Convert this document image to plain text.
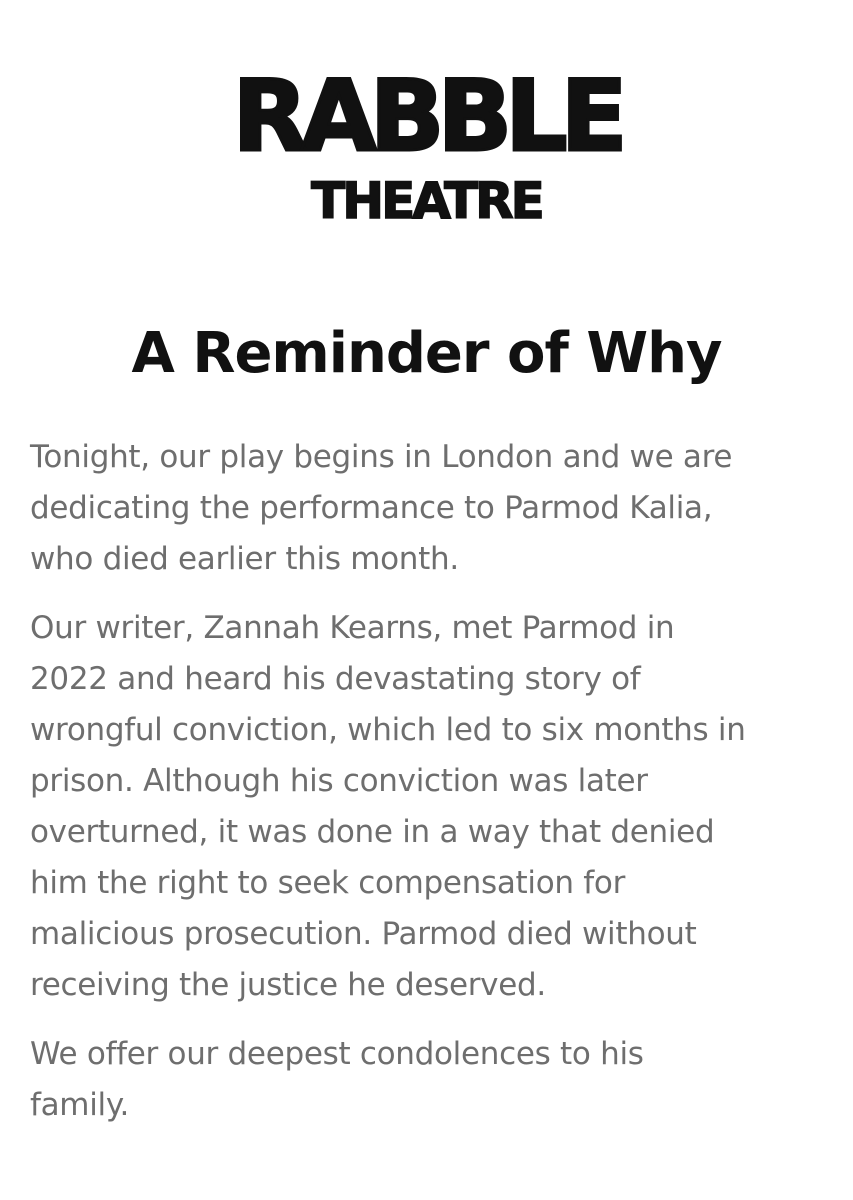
RABBLE
THEATRE
A Reminder of Why

Tonight, our play begins in London and we are
dedicating the performance to Parmod Kalia,
who died earlier this month.

Our writer, Zannah Kearns, met Parmod in
2022 and heard his devastating story of
wrongful conviction, which led to six months in
prison. Although his conviction was later
overturned, it was done in a way that denied
him the right to seek compensation for
malicious prosecution. Parmod died without
receiving the justice he deserved.

We offer our deepest condolences to his
family.
